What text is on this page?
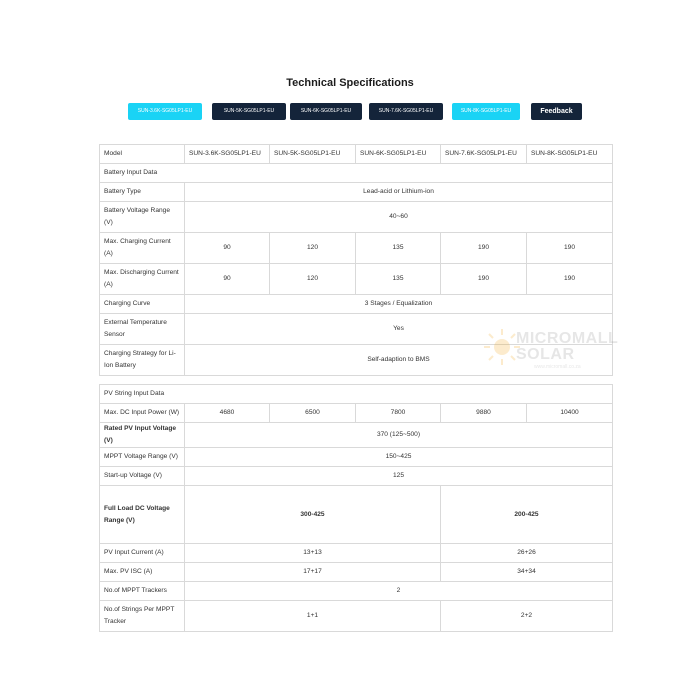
Technical Specifications
SUN-3.6K-SG05LP1-EU	SUN-5K-SG05LP1-EU	SUN-6K-SG05LP1-EU	SUN-7.6K-SG05LP1-EU	SUN-8K-SG05LP1-EU	Feedback
Model	SUN-3.6K-SG05LP1-EU	SUN-5K-SG05LP1-EU	SUN-6K-SG05LP1-EU	SUN-7.6K-SG05LP1-EU	SUN-8K-SG05LP1-EU
Battery Input Data					
Battery Type	Lead-acid or Lithium-ion				
Battery Voltage Range (V)	40~60				
Max. Charging Current (A)	90	120	135	190	190
Max. Discharging Current (A)	90	120	135	190	190
Charging Curve	3 Stages / Equalization				
External Temperature Sensor	Yes				
Charging Strategy for Li-Ion Battery	Self-adaption to BMS				

PV String Input Data					
Max. DC Input Power (W)	4680	6500	7800	9880	10400
Rated PV Input Voltage (V)	370 (125~500)				
MPPT Voltage Range (V)	150~425				
Start-up Voltage (V)	125				
Full Load DC Voltage Range (V)	300-425			200-425	
PV Input Current (A)	13+13			26+26	
Max. PV ISC (A)	17+17			34+34	
No.of MPPT Trackers	2				
No.of Strings Per MPPT Tracker	1+1			2+2	
MICROMALL
SOLAR
www.micromall.co.za
